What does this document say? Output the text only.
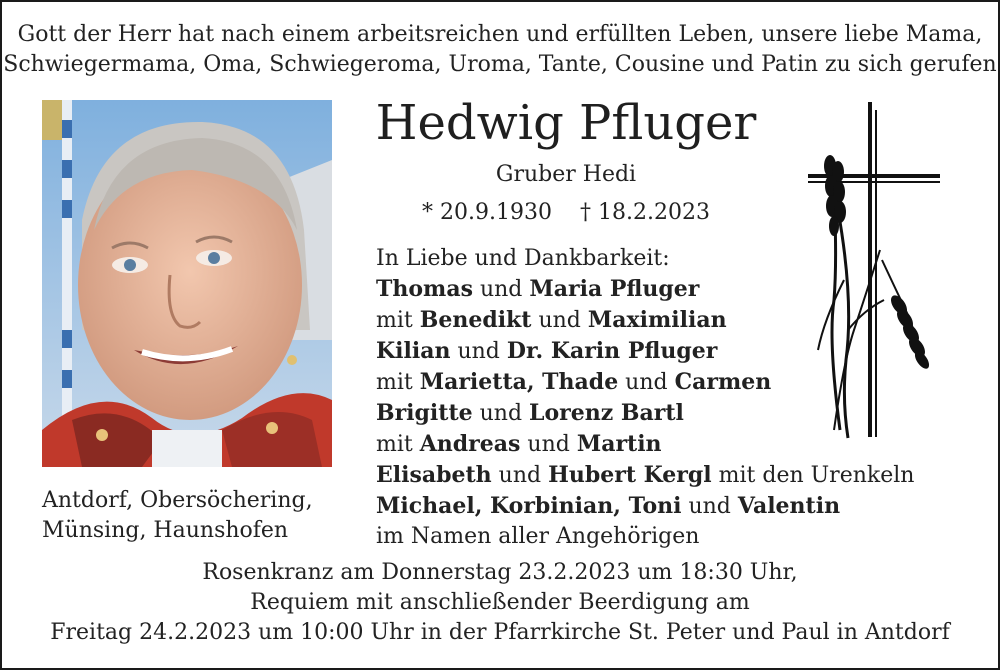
Gott der Herr hat nach einem arbeitsreichen und erfüllten Leben, unsere liebe Mama,
Schwiegermama, Oma, Schwiegeroma, Uroma, Tante, Cousine und Patin zu sich gerufen
Antdorf, Obersöchering,
Münsing, Haunshofen
Hedwig Pfluger
Gruber Hedi
* 20.9.1930 † 18.2.2023
In Liebe und Dankbarkeit:
Thomas und Maria Pfluger
mit Benedikt und Maximilian
Kilian und Dr. Karin Pfluger
mit Marietta, Thade und Carmen
Brigitte und Lorenz Bartl
mit Andreas und Martin
Elisabeth und Hubert Kergl mit den Urenkeln
Michael, Korbinian, Toni und Valentin
im Namen aller Angehörigen
Rosenkranz am Donnerstag 23.2.2023 um 18:30 Uhr,
Requiem mit anschließender Beerdigung am
Freitag 24.2.2023 um 10:00 Uhr in der Pfarrkirche St. Peter und Paul in Antdorf
